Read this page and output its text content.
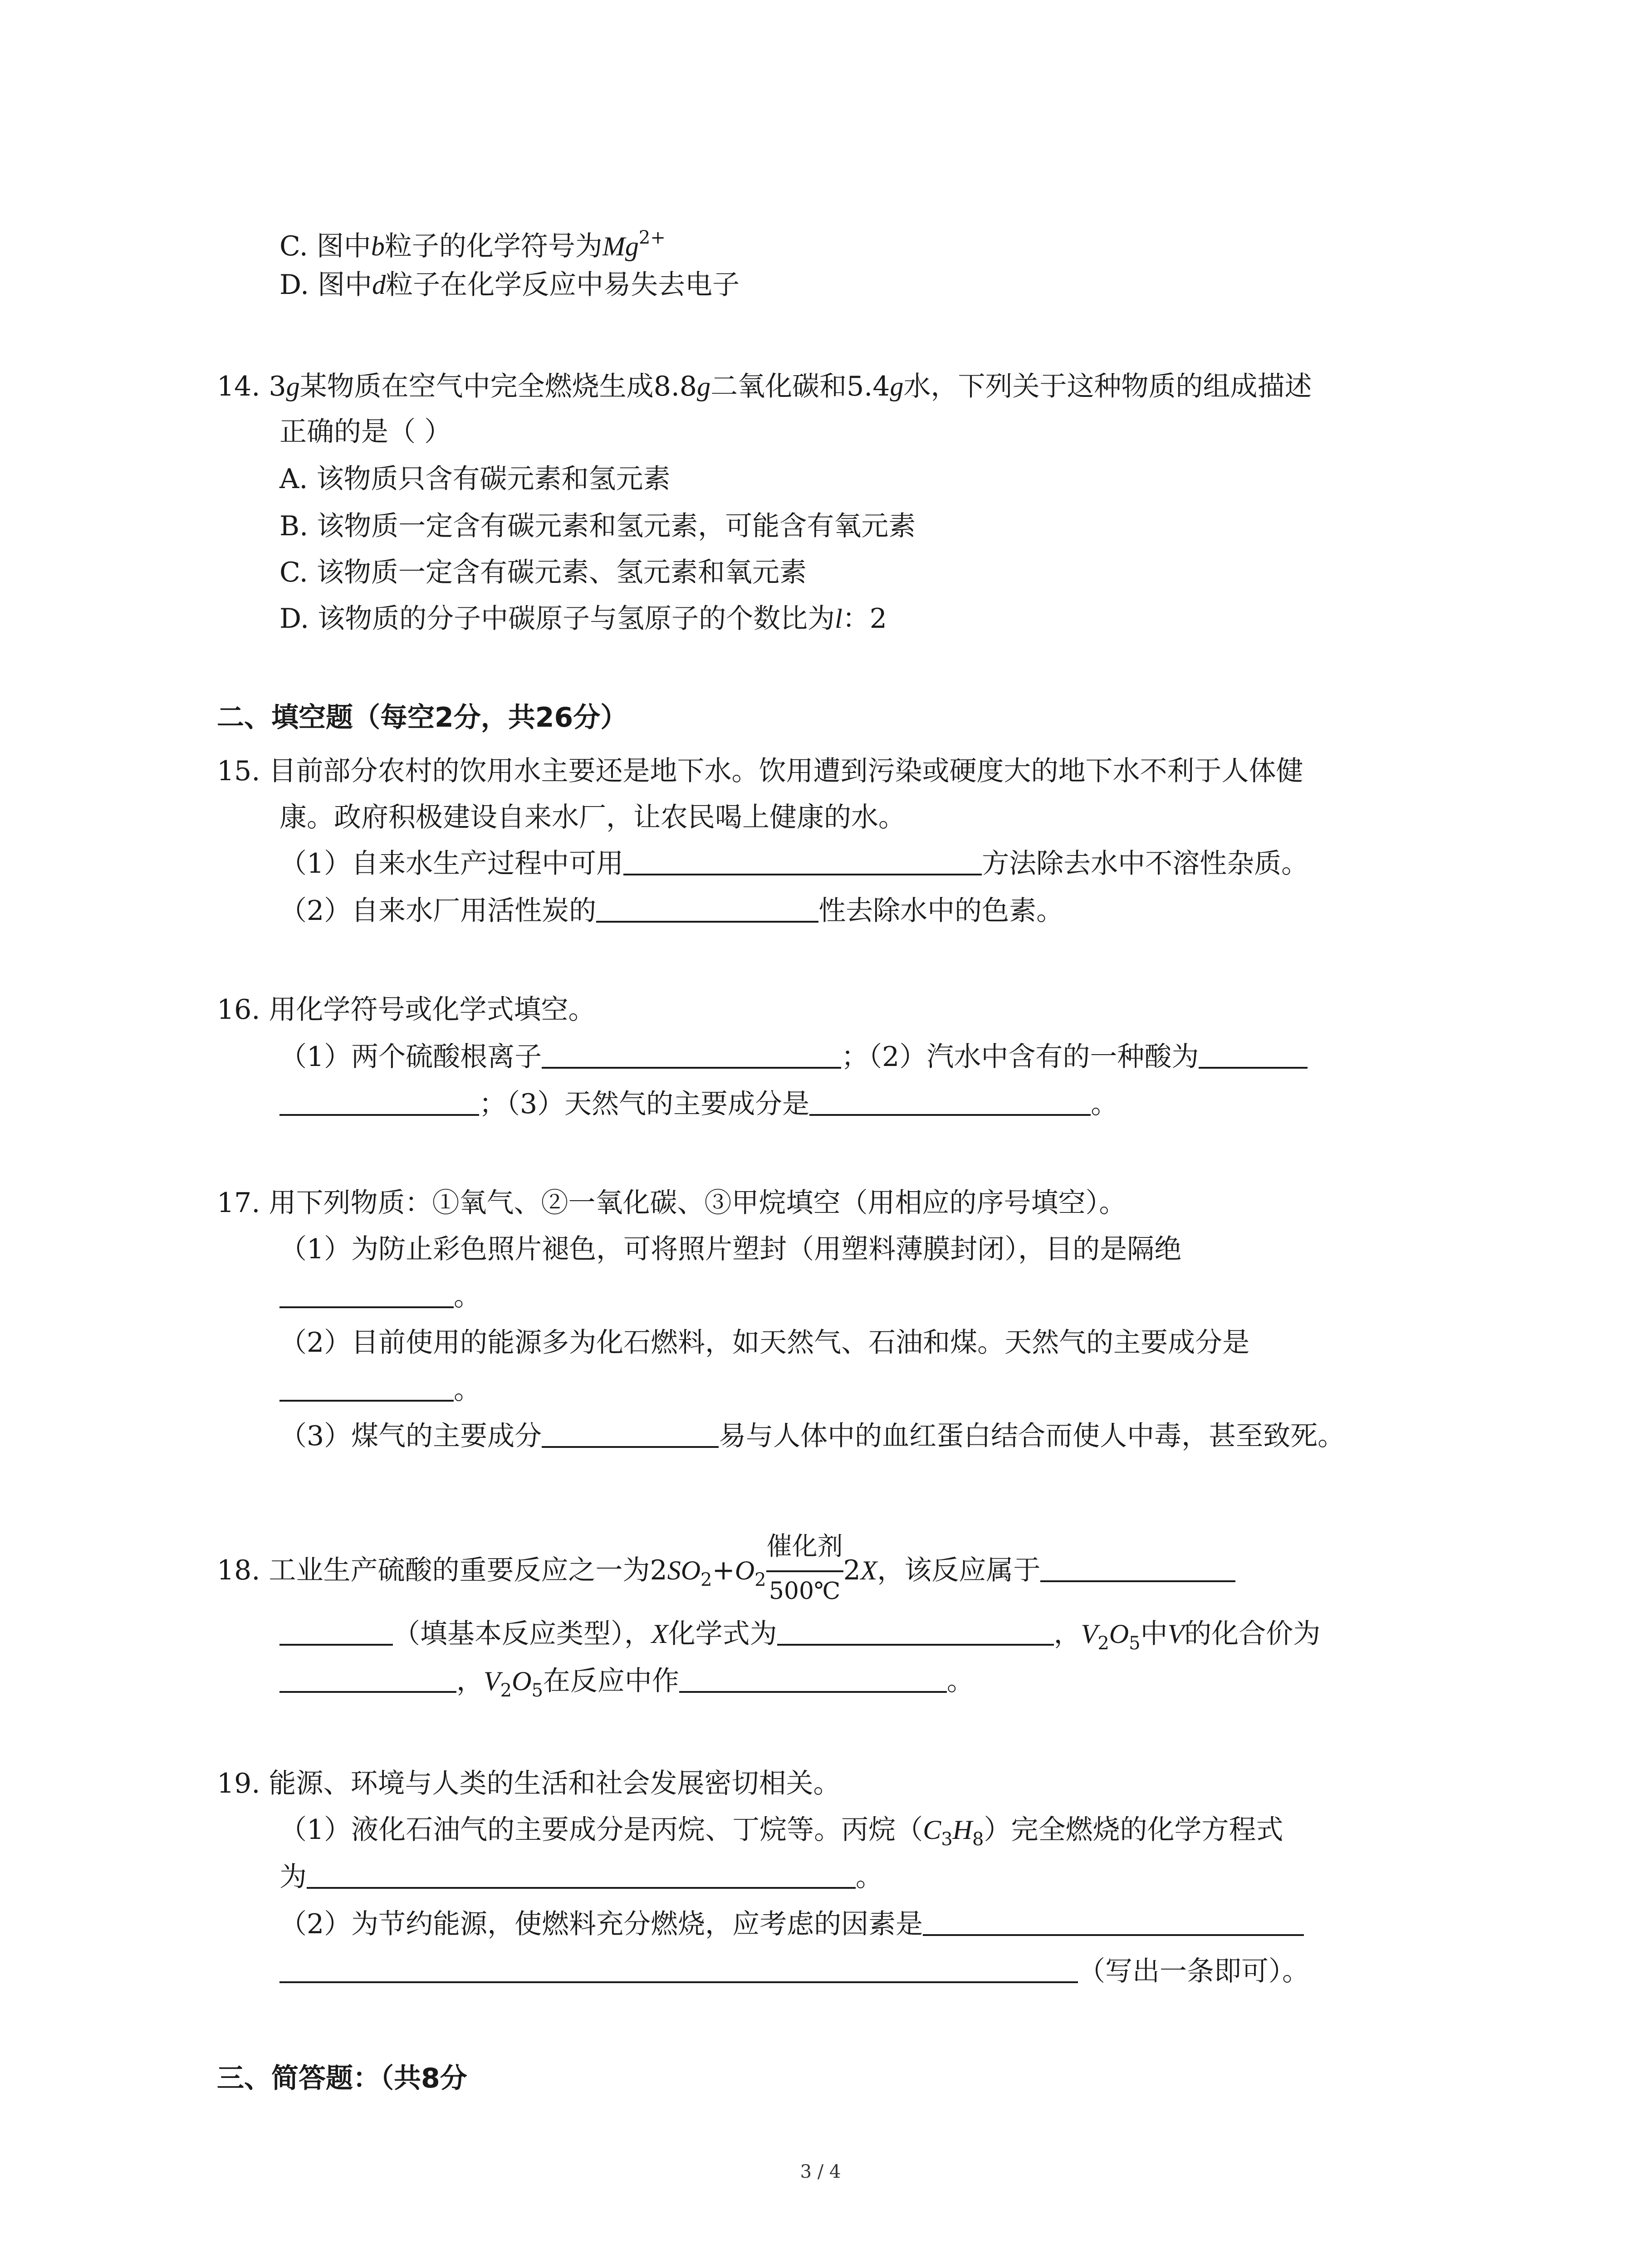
C. 图中b粒子的化学符号为$Mg^{2+}$
D. 图中d粒子在化学反应中易失去电子
14. 3g某物质在空气中完全燃烧生成8.8g二氧化碳和5.4g水，下列关于这种物质的组成描述
正确的是（ ）
A. 该物质只含有碳元素和氢元素
B. 该物质一定含有碳元素和氢元素，可能含有氧元素
C. 该物质一定含有碳元素、氢元素和氧元素
D. 该物质的分子中碳原子与氢原子的个数比为l：2
二、填空题（每空2分，共26分）
15. 目前部分农村的饮用水主要还是地下水。饮用遭到污染或硬度大的地下水不利于人体健
康。政府积极建设自来水厂，让农民喝上健康的水。
（1）自来水生产过程中可用	方法除去水中不溶性杂质。
（2）自来水厂用活性炭的	性去除水中的色素。
16. 用化学符号或化学式填空。
（1）两个硫酸根离子	；（2）汽水中含有的一种酸为
；（3）天然气的主要成分是	。
17. 用下列物质：①氧气、②一氧化碳、③甲烷填空（用相应的序号填空）。
（1）为防止彩色照片褪色，可将照片塑封（用塑料薄膜封闭），目的是隔绝
。
（2）目前使用的能源多为化石燃料，如天然气、石油和煤。天然气的主要成分是
。
（3）煤气的主要成分	易与人体中的血红蛋白结合而使人中毒，甚至致死。
18. 工业生产硫酸的重要反应之一为$2SO_2+O_2 \frac{\text{催化剂}}{500℃} 2X$，该反应属于
（填基本反应类型），X化学式为	，$V_2O_5$中V的化合价为
，$V_2O_5$在反应中作	。
19. 能源、环境与人类的生活和社会发展密切相关。
（1）液化石油气的主要成分是丙烷、丁烷等。丙烷$(C_3H_8)$完全燃烧的化学方程式
为	。
（2）为节约能源，使燃料充分燃烧，应考虑的因素是
（写出一条即可）。
三、简答题：（共8分
3 / 4
